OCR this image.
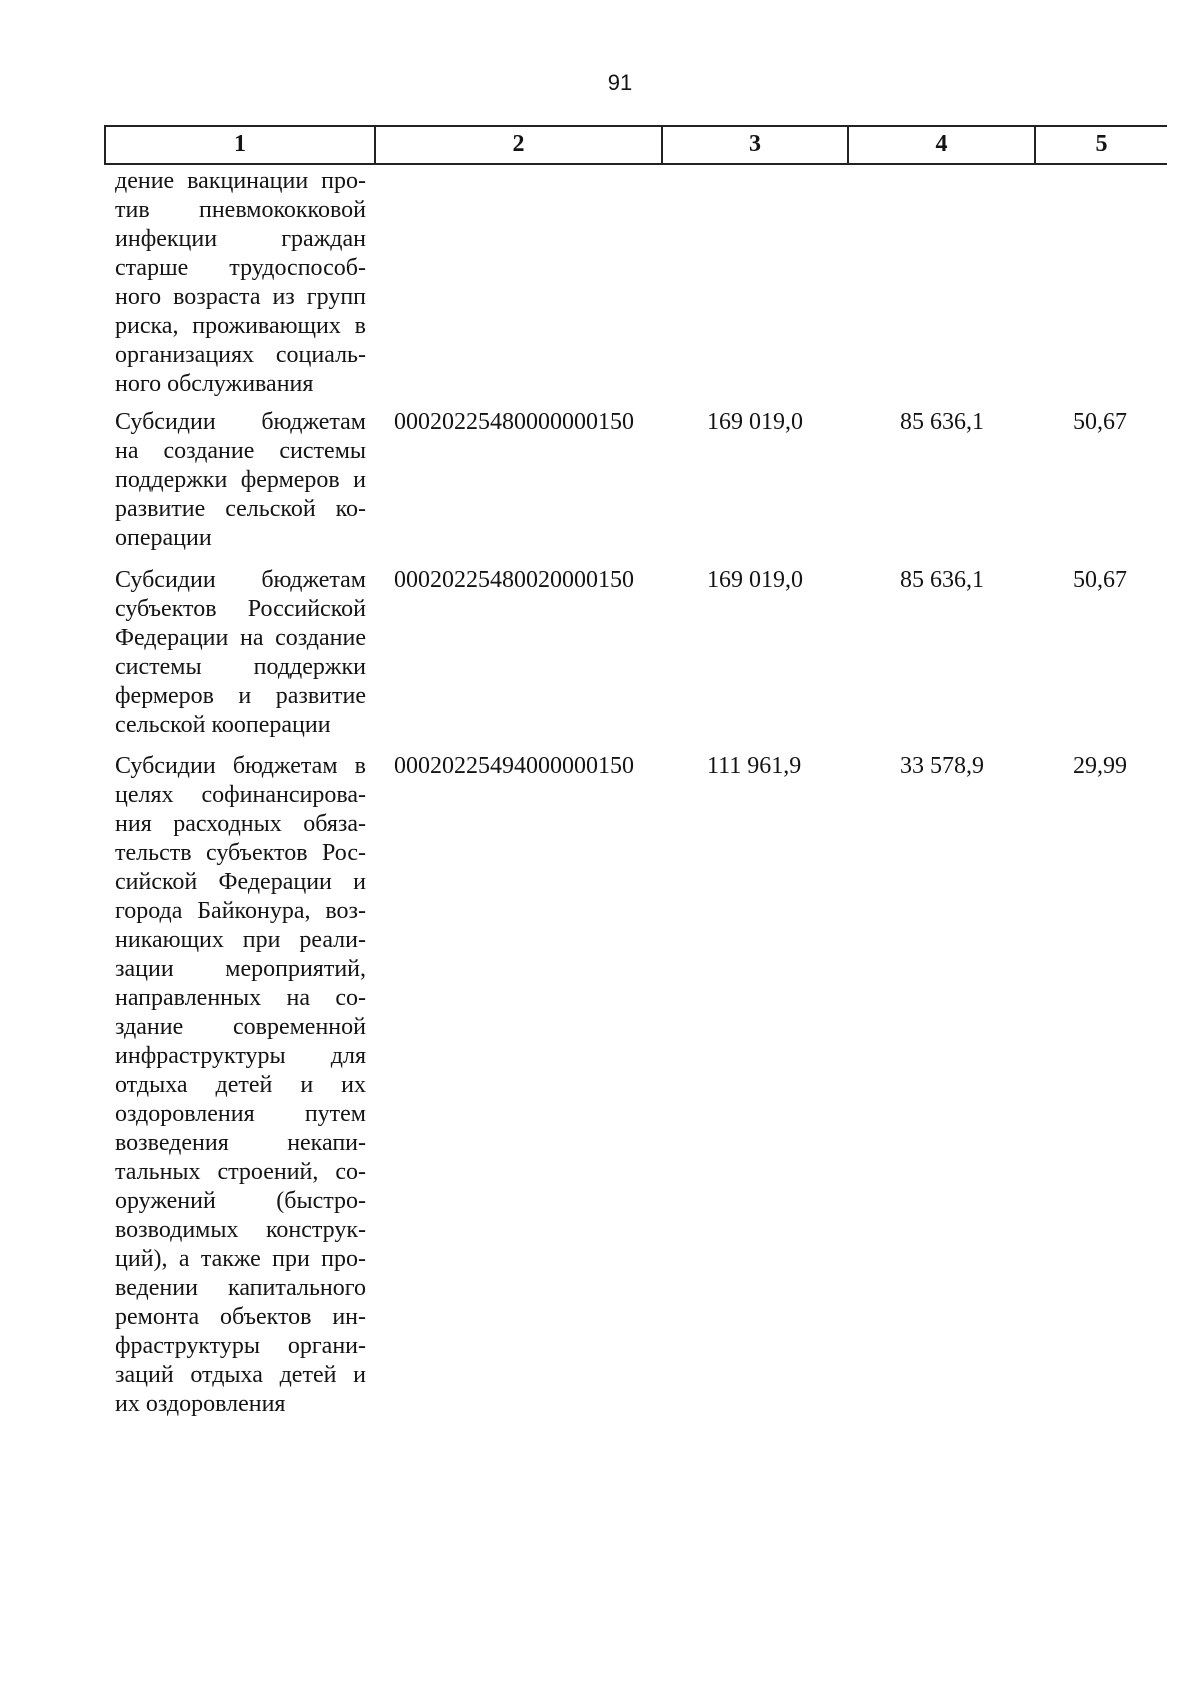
91
1	2	3	4	5
дение вакцинации про-
тив пневмококковой
инфекции граждан
старше трудоспособ-
ного возраста из групп
риска, проживающих в
организациях социаль-
ного обслуживания
Субсидии бюджетам
на создание системы
поддержки фермеров и
развитие сельской ко-
операции
00020225480000000150	169 019,0	85 636,1	50,67
Субсидии бюджетам
субъектов Российской
Федерации на создание
системы поддержки
фермеров и развитие
сельской кооперации
00020225480020000150	169 019,0	85 636,1	50,67
Субсидии бюджетам в
целях софинансирова-
ния расходных обяза-
тельств субъектов Рос-
сийской Федерации и
города Байконура, воз-
никающих при реали-
зации мероприятий,
направленных на со-
здание современной
инфраструктуры для
отдыха детей и их
оздоровления путем
возведения некапи-
тальных строений, со-
оружений (быстро-
возводимых конструк-
ций), а также при про-
ведении капитального
ремонта объектов ин-
фраструктуры органи-
заций отдыха детей и
их оздоровления
00020225494000000150	111 961,9	33 578,9	29,99
